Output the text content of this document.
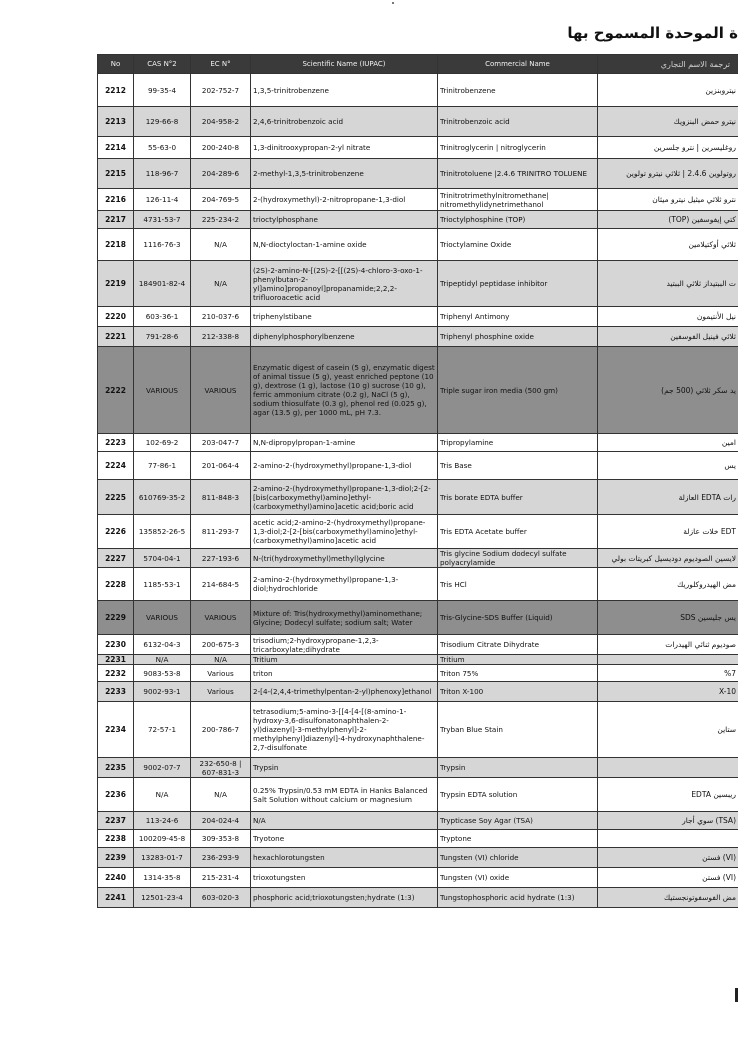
ة الموحدة المسموح بها
No	CAS N°2	EC N°	Scientific Name (IUPAC)	Commercial Name	ترجمة الاسم التجاري
2212	99-35-4	202-752-7	1,3,5-trinitrobenzene	Trinitrobenzene	نيتروبنزين
2213	129-66-8	204-958-2	2,4,6-trinitrobenzoic acid	Trinitrobenzoic acid	نيترو حمض البنزويك
2214	55-63-0	200-240-8	1,3-dinitrooxypropan-2-yl nitrate	Trinitroglycerin | nitroglycerin	روغليسرين | نترو جلسرين
2215	118-96-7	204-289-6	2-methyl-1,3,5-trinitrobenzene	Trinitrotoluene |2.4.6 TRINITRO TOLUENE	روتولوين 2.4.6 | ثلاثي نيترو تولوين
2216	126-11-4	204-769-5	2-(hydroxymethyl)-2-nitropropane-1,3-diol	Trinitrotrimethylnitromethane| nitromethylidynetrimethanol	نترو ثلاثي ميثيل نيترو ميثان
2217	4731-53-7	225-234-2	trioctylphosphane	Trioctylphosphine (TOP)	كتي إيفوسفين (TOP)
2218	1116-76-3	N/A	N,N-dioctyloctan-1-amine oxide	Trioctylamine Oxide	ثلاثي أوكتيلامين
2219	184901-82-4	N/A	(2S)-2-amino-N-[(2S)-2-[[(2S)-4-chloro-3-oxo-1-phenylbutan-2-yl]amino]propanoyl]propanamide;2,2,2-trifluoroacetic acid	Tripeptidyl peptidase inhibitor	ت الببتيداز ثلاثي الببتيد
2220	603-36-1	210-037-6	triphenylstibane	Triphenyl Antimony	نيل الأنتيمون
2221	791-28-6	212-338-8	diphenylphosphorylbenzene	Triphenyl phosphine oxide	ثلاثي فينيل الفوسفين
2222	VARIOUS	VARIOUS	Enzymatic digest of casein (5 g), enzymatic digest of animal tissue (5 g), yeast enriched peptone (10 g), dextrose (1 g), lactose (10 g) sucrose (10 g), ferric ammonium citrate (0.2 g), NaCl (5 g), sodium thiosulfate (0.3 g), phenol red (0.025 g), agar (13.5 g), per 1000 mL, pH 7.3.	Triple sugar iron media (500 gm)	يد سكر ثلاثي (500 جم)
2223	102-69-2	203-047-7	N,N-dipropylpropan-1-amine	Tripropylamine	امين
2224	77-86-1	201-064-4	2-amino-2-(hydroxymethyl)propane-1,3-diol	Tris Base	يس
2225	610769-35-2	811-848-3	2-amino-2-(hydroxymethyl)propane-1,3-diol;2-[2-[bis(carboxymethyl)amino]ethyl-(carboxymethyl)amino]acetic acid;boric acid	Tris borate EDTA buffer	رات EDTA العازلة
2226	135852-26-5	811-293-7	acetic acid;2-amino-2-(hydroxymethyl)propane-1,3-diol;2-[2-[bis(carboxymethyl)amino]ethyl-(carboxymethyl)amino]acetic acid	Tris EDTA Acetate buffer	EDT خلات عازلة
2227	5704-04-1	227-193-6	N-(tri(hydroxymethyl)methyl)glycine	Tris glycine Sodium dodecyl sulfate polyacrylamide	لايسين الصوديوم دوديسيل كبريتات بولي
2228	1185-53-1	214-684-5	2-amino-2-(hydroxymethyl)propane-1,3-diol;hydrochloride	Tris HCl	مض الهيدروكلوريك
2229	VARIOUS	VARIOUS	Mixture of: Tris(hydroxymethyl)aminomethane; Glycine; Dodecyl sulfate; sodium salt; Water	Tris-Glycine-SDS Buffer (Liquid)	يس جليسين SDS
2230	6132-04-3	200-675-3	trisodium;2-hydroxypropane-1,2,3-tricarboxylate;dihydrate	Trisodium Citrate Dihydrate	صوديوم ثنائي الهيدرات
2231	N/A	N/A	Tritium	Tritium	
2232	9083-53-8	Various	triton	Triton 75%	%7
2233	9002-93-1	Various	2-[4-(2,4,4-trimethylpentan-2-yl)phenoxy]ethanol	Triton X-100	X-10
2234	72-57-1	200-786-7	tetrasodium;5-amino-3-[[4-[4-[(8-amino-1-hydroxy-3,6-disulfonatonaphthalen-2-yl)diazenyl]-3-methylphenyl]-2-methylphenyl]diazenyl]-4-hydroxynaphthalene-2,7-disulfonate	Tryban Blue Stain	ستاين
2235	9002-07-7	232-650-8 | 607-831-3	Trypsin	Trypsin	
2236	N/A	N/A	0.25% Trypsin/0.53 mM EDTA in Hanks Balanced Salt Solution without calcium or magnesium	Trypsin EDTA solution	ريبسين EDTA
2237	113-24-6	204-024-4	N/A	Trypticase Soy Agar (TSA)	(TSA) سوي أجار
2238	100209-45-8	309-353-8	Tryotone	Tryptone	
2239	13283-01-7	236-293-9	hexachlorotungsten	Tungsten (VI) chloride	(VI) فستن
2240	1314-35-8	215-231-4	trioxotungsten	Tungsten (VI) oxide	(VI) فستن
2241	12501-23-4	603-020-3	phosphoric acid;trioxotungsten;hydrate (1:3)	Tungstophosphoric acid hydrate (1:3)	مض الفوسفوتونجستيك
